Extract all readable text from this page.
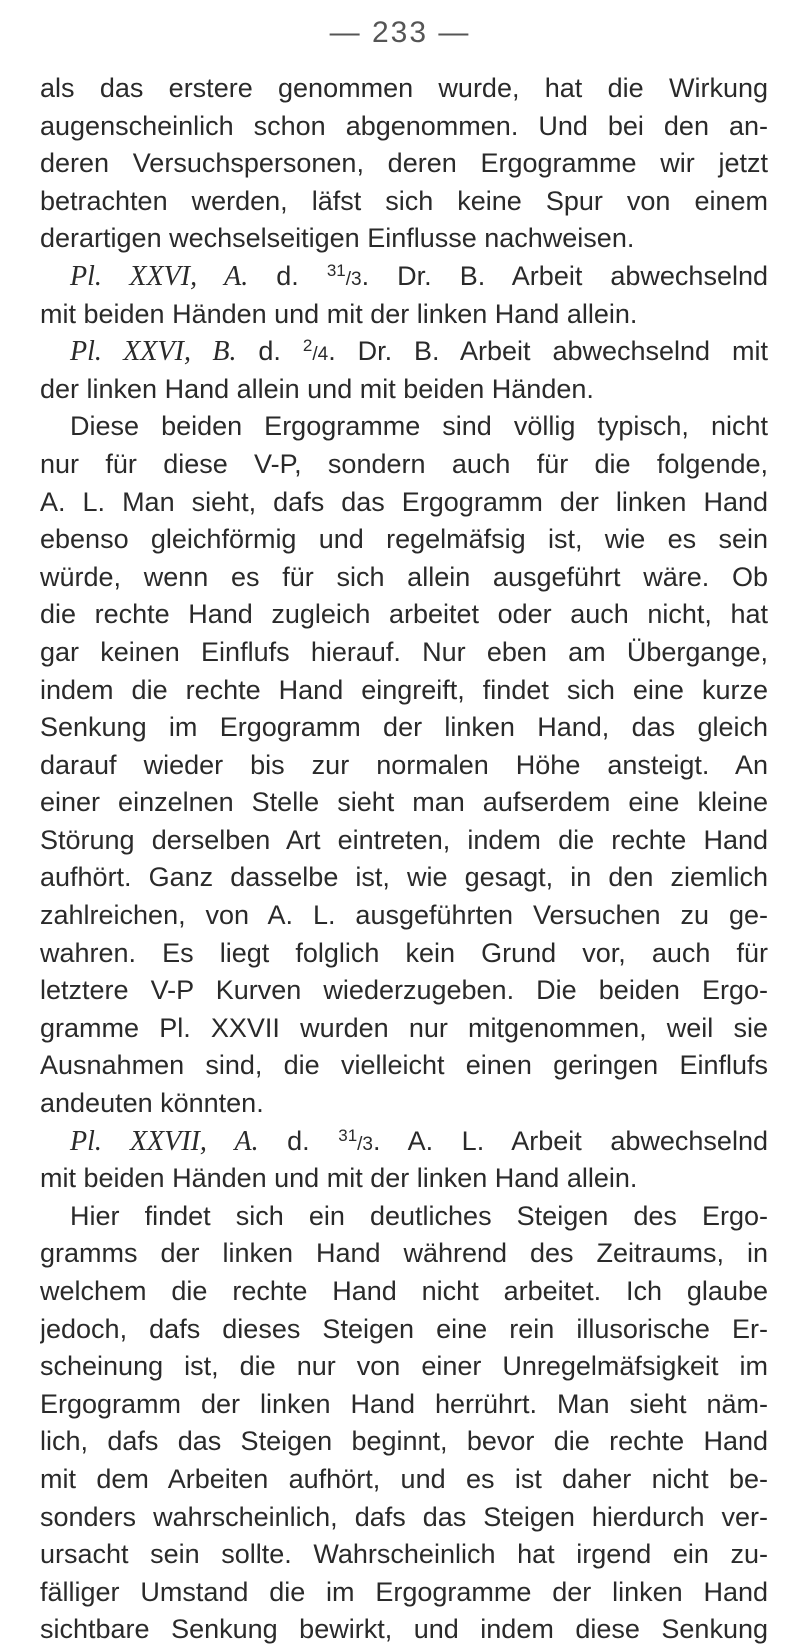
— 233 —
als das erstere genommen wurde, hat die Wirkung
augenscheinlich schon abgenommen. Und bei den an-
deren Versuchspersonen, deren Ergogramme wir jetzt
betrachten werden, läfst sich keine Spur von einem
derartigen wechselseitigen Einflusse nachweisen.
Pl. XXVI, A. d. $^{31}$/3. Dr. B. Arbeit abwechselnd
mit beiden Händen und mit der linken Hand allein.
Pl. XXVI, B. d. $^2$/4. Dr. B. Arbeit abwechselnd mit
der linken Hand allein und mit beiden Händen.
Diese beiden Ergogramme sind völlig typisch, nicht
nur für diese V-P, sondern auch für die folgende,
A. L. Man sieht, dafs das Ergogramm der linken Hand
ebenso gleichförmig und regelmäfsig ist, wie es sein
würde, wenn es für sich allein ausgeführt wäre. Ob
die rechte Hand zugleich arbeitet oder auch nicht, hat
gar keinen Einflufs hierauf. Nur eben am Übergange,
indem die rechte Hand eingreift, findet sich eine kurze
Senkung im Ergogramm der linken Hand, das gleich
darauf wieder bis zur normalen Höhe ansteigt. An
einer einzelnen Stelle sieht man aufserdem eine kleine
Störung derselben Art eintreten, indem die rechte Hand
aufhört. Ganz dasselbe ist, wie gesagt, in den ziemlich
zahlreichen, von A. L. ausgeführten Versuchen zu ge-
wahren. Es liegt folglich kein Grund vor, auch für
letztere V-P Kurven wiederzugeben. Die beiden Ergo-
gramme Pl. XXVII wurden nur mitgenommen, weil sie
Ausnahmen sind, die vielleicht einen geringen Einflufs
andeuten könnten.
Pl. XXVII, A. d. $^{31}$/3. A. L. Arbeit abwechselnd
mit beiden Händen und mit der linken Hand allein.
Hier findet sich ein deutliches Steigen des Ergo-
gramms der linken Hand während des Zeitraums, in
welchem die rechte Hand nicht arbeitet. Ich glaube
jedoch, dafs dieses Steigen eine rein illusorische Er-
scheinung ist, die nur von einer Unregelmäfsigkeit im
Ergogramm der linken Hand herrührt. Man sieht näm-
lich, dafs das Steigen beginnt, bevor die rechte Hand
mit dem Arbeiten aufhört, und es ist daher nicht be-
sonders wahrscheinlich, dafs das Steigen hierdurch ver-
ursacht sein sollte. Wahrscheinlich hat irgend ein zu-
fälliger Umstand die im Ergogramme der linken Hand
sichtbare Senkung bewirkt, und indem diese Senkung
